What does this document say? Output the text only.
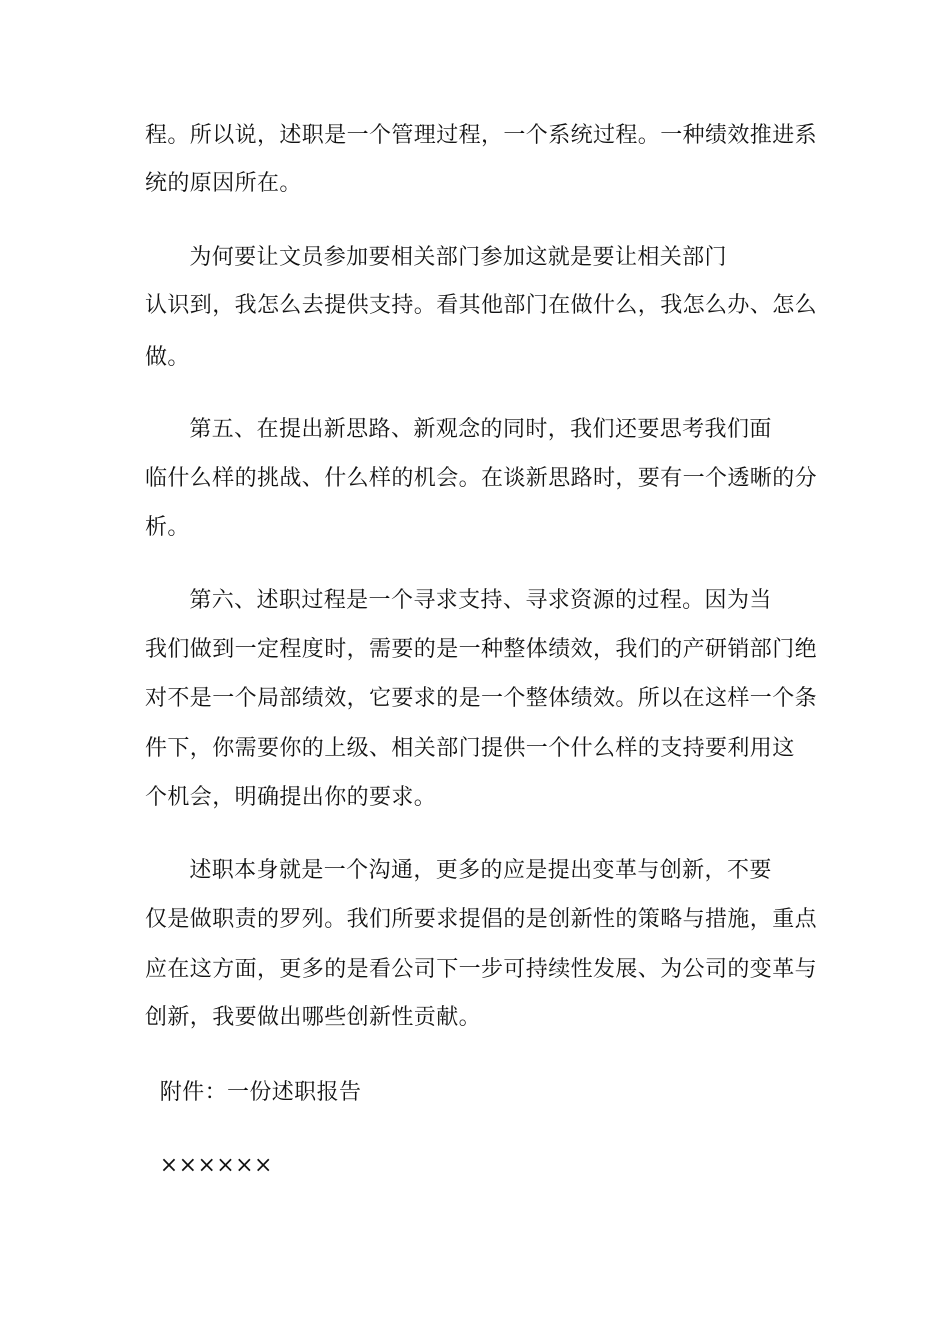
程。所以说，述职是一个管理过程，一个系统过程。一种绩效推进系
统的原因所在。
为何要让文员参加要相关部门参加这就是要让相关部门
认识到，我怎么去提供支持。看其他部门在做什么，我怎么办、怎么
做。
第五、在提出新思路、新观念的同时，我们还要思考我们面
临什么样的挑战、什么样的机会。在谈新思路时，要有一个透晰的分
析。
第六、述职过程是一个寻求支持、寻求资源的过程。因为当
我们做到一定程度时，需要的是一种整体绩效，我们的产研销部门绝
对不是一个局部绩效，它要求的是一个整体绩效。所以在这样一个条
件下，你需要你的上级、相关部门提供一个什么样的支持要利用这
个机会，明确提出你的要求。
述职本身就是一个沟通，更多的应是提出变革与创新，不要
仅是做职责的罗列。我们所要求提倡的是创新性的策略与措施，重点
应在这方面，更多的是看公司下一步可持续性发展、为公司的变革与
创新，我要做出哪些创新性贡献。
附件：一份述职报告
××××××
